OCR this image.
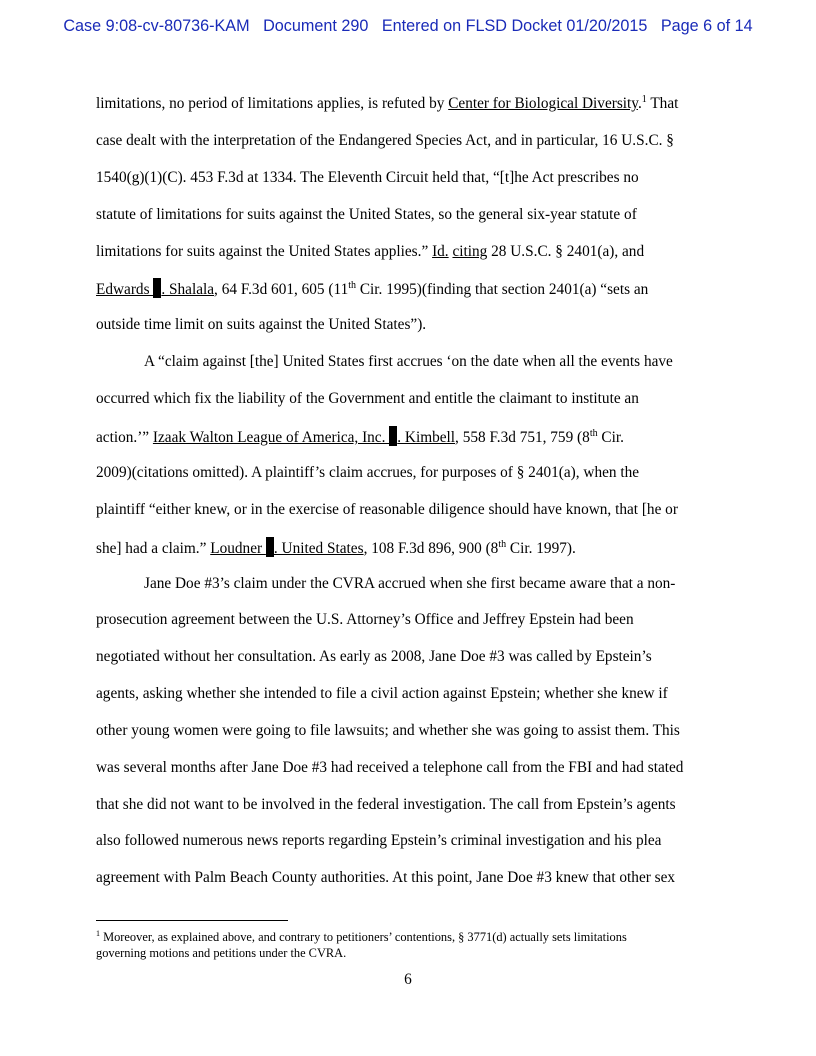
Case 9:08-cv-80736-KAM Document 290 Entered on FLSD Docket 01/20/2015 Page 6 of 14
limitations, no period of limitations applies, is refuted by Center for Biological Diversity.$^1$ That
case dealt with the interpretation of the Endangered Species Act, and in particular, 16 U.S.C. §
1540(g)(1)(C). 453 F.3d at 1334. The Eleventh Circuit held that, “[t]he Act prescribes no
statute of limitations for suits against the United States, so the general six-year statute of
limitations for suits against the United States applies.” Id. citing 28 U.S.C. § 2401(a), and
Edwards . Shalala, 64 F.3d 601, 605 (11th Cir. 1995)(finding that section 2401(a) “sets an
outside time limit on suits against the United States”).
A “claim against [the] United States first accrues ‘on the date when all the events have
occurred which fix the liability of the Government and entitle the claimant to institute an
action.’” Izaak Walton League of America, Inc. . Kimbell, 558 F.3d 751, 759 (8th Cir.
2009)(citations omitted). A plaintiff’s claim accrues, for purposes of § 2401(a), when the
plaintiff “either knew, or in the exercise of reasonable diligence should have known, that [he or
she] had a claim.” Loudner . United States, 108 F.3d 896, 900 (8th Cir. 1997).
Jane Doe #3’s claim under the CVRA accrued when she first became aware that a non-
prosecution agreement between the U.S. Attorney’s Office and Jeffrey Epstein had been
negotiated without her consultation. As early as 2008, Jane Doe #3 was called by Epstein’s
agents, asking whether she intended to file a civil action against Epstein; whether she knew if
other young women were going to file lawsuits; and whether she was going to assist them. This
was several months after Jane Doe #3 had received a telephone call from the FBI and had stated
that she did not want to be involved in the federal investigation. The call from Epstein’s agents
also followed numerous news reports regarding Epstein’s criminal investigation and his plea
agreement with Palm Beach County authorities. At this point, Jane Doe #3 knew that other sex
$^1$ Moreover, as explained above, and contrary to petitioners’ contentions, § 3771(d) actually sets limitations
governing motions and petitions under the CVRA.
6
